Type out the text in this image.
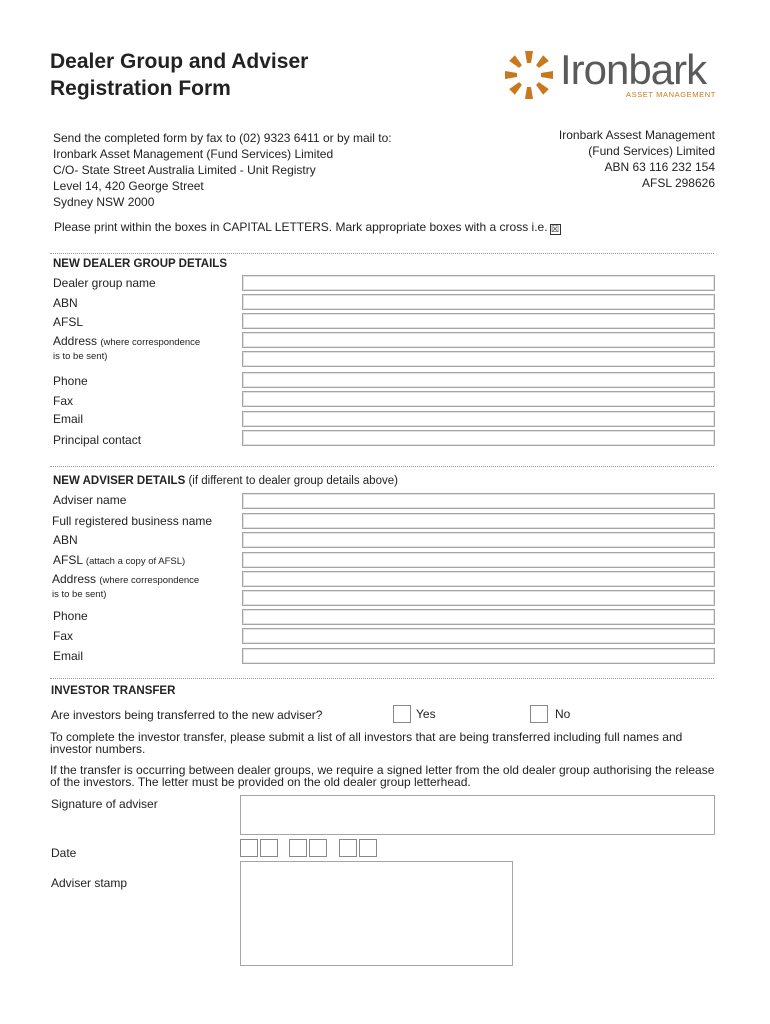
Dealer Group and Adviser
Registration Form	Ironbark
ASSET MANAGEMENT
Send the completed form by fax to (02) 9323 6411 or by mail to:
Ironbark Asset Management (Fund Services) Limited
C/O- State Street Australia Limited - Unit Registry
Level 14, 420 George Street
Sydney NSW 2000
Ironbark Assest Management
(Fund Services) Limited
ABN 63 116 232 154
AFSL 298626
Please print within the boxes in CAPITAL LETTERS. Mark appropriate boxes with a cross i.e. ☒
NEW DEALER GROUP DETAILS
Dealer group name
ABN
AFSL
Address (where correspondence
is to be sent)
Phone
Fax
Email
Principal contact
NEW ADVISER DETAILS (if different to dealer group details above)
Adviser name
Full registered business name
ABN
AFSL (attach a copy of AFSL)
Address (where correspondence
is to be sent)
Phone
Fax
Email
INVESTOR TRANSFER
Are investors being transferred to the new adviser?	Yes	No
To complete the investor transfer, please submit a list of all investors that are being transferred including full names and investor numbers.
If the transfer is occurring between dealer groups, we require a signed letter from the old dealer group authorising the release of the investors. The letter must be provided on the old dealer group letterhead.
Signature of adviser
Date
Adviser stamp
